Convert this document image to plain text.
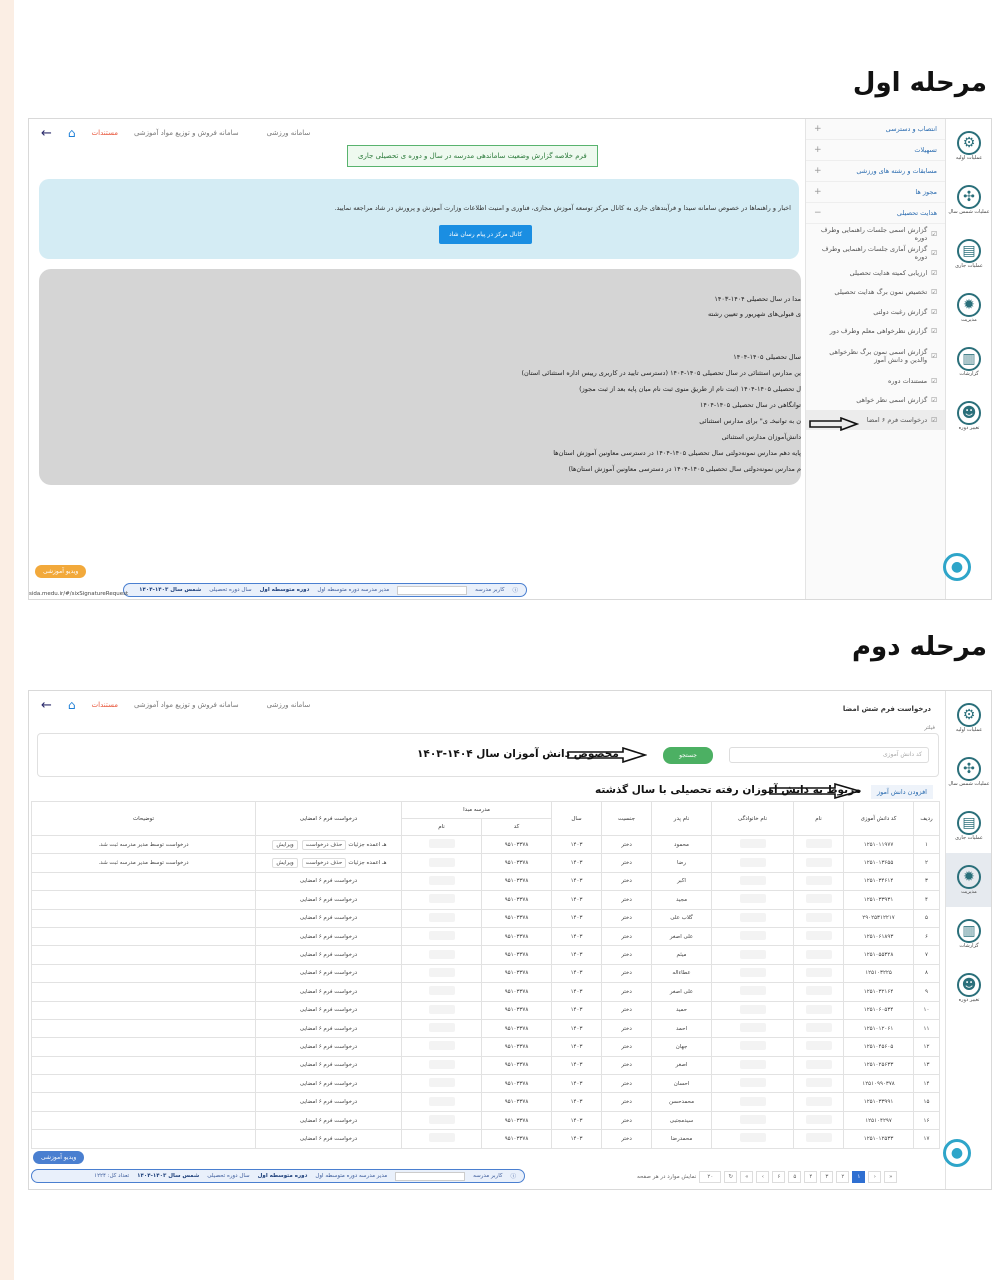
مرحله اول
← ⌂ مستندات سامانه فروش و توزیع مواد آموزشی	سامانه ورزشی
فرم خلاصه گزارش وضعیت ساماندهی مدرسه در سال و دوره ی تحصیلی جاری
اخبار و راهنماها در خصوص سامانه سیدا و فرآیندهای جاری به کانال مرکز توسعه آموزش مجازی، فناوری و امنیت اطلاعات وزارت آموزش و پرورش در شاد مراجعه نمایید.
کانال مرکز در پیام رسان شاد
مدا در سال تحصیلی ۱۴۰۴-۱۴۰۳
ی قبولی‌های شهریور و تعیین رشته
سال تحصیلی ۱۴۰۵-۱۴۰۴
ین مدارس استثنائی در سال تحصیلی ۱۴۰۵-۱۴۰۴ (دسترسی تایید در کاربری رییس اداره استثنائی استان)
ل تحصیلی ۱۴۰۵-۱۴۰۴ (ثبت نام از طریق منوی ثبت نام میان پایه بعد از ثبت مجوز)
توانگاهی در سال تحصیلی ۱۴۰۵-۱۴۰۴
ن به توانبخـ ی" برای مدارس استثنائی
دانش‌آموزان مدارس استثنائی
پایه دهم مدارس نمونه‌دولتی سال تحصیلی ۱۴۰۵-۱۴۰۴ در دسترسی معاونین آموزش استان‌ها
م مدارس نمونه‌دولتی سال تحصیلی ۱۴۰۵-۱۴۰۴ در دسترسی معاونین آموزش استان‌ها)
انتصاب و دسترسی
+
تسهیلات
+
مسابقات و رشته های ورزشی
+
مجوز ها
+
هدایت تحصیلی
−
☑
گزارش اسمی جلسات راهنمایی وطرف دوره
☑
گزارش آماری جلسات راهنمایی وطرف دوره
☑
ارزیابی کمیته هدایت تحصیلی
☑
تخصیص نمون برگ هدایت تحصیلی
☑
گزارش رغبت دولتی
☑
گزارش نظرخواهی معلم وطرف دور
☑
گزارش اسمی نمون برگ نظرخواهی والدین و دانش آموز
☑
مستندات دوره
☑
گزارش اسمی نظر خواهی
☑
درخواست فرم ۶ امضا
⚙
عملیات اولیه
✣
عملیات شمس سال
▤
عملیات جاری
✹
مدیریت
▥
گزارشات
☻
تغییر دوره
●
ویدیو آموزشی
ⓘ
کاربر مدرسه
مدیر مدرسه دوره متوسطه اول
دوره متوسطه اول
سال دوره تحصیلی
شمس سال ۱۴۰۳-۱۴۰۴
sida.medu.ir/#/sixSignatureRequest
مرحله دوم
← ⌂ مستندات سامانه فروش و توزیع مواد آموزشی	سامانه ورزشی	درخواست فرم شش امضا
فیلتر
کد دانش آموزی
جستجو
مخصوص دانش آموزان سال ۱۴۰۴-۱۴۰۳
افزودن دانش آموز
مربوط به دانش آموزان رفته تحصیلی با سال گذشته
ردیف	کد دانش آموزی	نام	نام خانوادگی	نام پدر	جنسیت	سال	مدرسه مبدا		درخواست فرم ۶ امضایی	توضیحات
							کد	نام		
۱	۱۲۵۱۰۱۱۹۷۷			محمود	دختر	۱۴۰۳	۹۵۱۰۳۳۷۸		هـ اعمده جزئیاتحذف درخواستویرایش	درخواست توسط مدیر مدرسه ثبت شد.
۲	۱۲۵۱۰۱۳۶۵۵			رضا	دختر	۱۴۰۳	۹۵۱۰۳۳۷۸		هـ اعمده جزئیاتحذف درخواستویرایش	درخواست توسط مدیر مدرسه ثبت شد.
۳	۱۲۵۱۰۳۴۶۱۴			اکبر	دختر	۱۴۰۳	۹۵۱۰۳۳۷۸		درخواست فرم ۶ امضایی	
۴	۱۲۵۱۰۳۳۹۳۱			مجید	دختر	۱۴۰۳	۹۵۱۰۳۳۷۸		درخواست فرم ۶ امضایی	
۵	۲۹۰۲۵۳۱۲۲۱۷			گلاب علی	دختر	۱۴۰۳	۹۵۱۰۳۳۷۸		درخواست فرم ۶ امضایی	
۶	۱۲۵۱۰۶۱۸۹۳			علی اصغر	دختر	۱۴۰۳	۹۵۱۰۳۳۷۸		درخواست فرم ۶ امضایی	
۷	۱۲۵۱۰۵۵۳۲۸			میثم	دختر	۱۴۰۳	۹۵۱۰۳۳۷۸		درخواست فرم ۶ امضایی	
۸	۱۲۵۱۰۳۲۲۵			عطاءاله	دختر	۱۴۰۳	۹۵۱۰۳۳۷۸		درخواست فرم ۶ امضایی	
۹	۱۲۵۱۰۳۲۱۶۴			علی اصغر	دختر	۱۴۰۳	۹۵۱۰۳۳۷۸		درخواست فرم ۶ امضایی	
۱۰	۱۲۵۱۰۶۰۵۳۴			حمید	دختر	۱۴۰۳	۹۵۱۰۳۳۷۸		درخواست فرم ۶ امضایی	
۱۱	۱۲۵۱۰۱۲۰۶۱			احمد	دختر	۱۴۰۳	۹۵۱۰۳۳۷۸		درخواست فرم ۶ امضایی	
۱۲	۱۲۵۱۰۴۵۶۰۵			جهان	دختر	۱۴۰۳	۹۵۱۰۳۳۷۸		درخواست فرم ۶ امضایی	
۱۳	۱۲۵۱۰۲۵۶۳۳			اصغر	دختر	۱۴۰۳	۹۵۱۰۳۳۷۸		درخواست فرم ۶ امضایی	
۱۴	۱۲۵۱۰۹۹۰۳۷۸			احسان	دختر	۱۴۰۳	۹۵۱۰۳۳۷۸		درخواست فرم ۶ امضایی	
۱۵	۱۲۵۱۰۳۳۹۹۱			محمدحسن	دختر	۱۴۰۳	۹۵۱۰۳۳۷۸		درخواست فرم ۶ امضایی	
۱۶	۱۲۵۱۰۴۲۹۷			سیدمجتبی	دختر	۱۴۰۳	۹۵۱۰۳۳۷۸		درخواست فرم ۶ امضایی	
۱۷	۱۲۵۱۰۱۲۵۳۳			محمدرضا	دختر	۱۴۰۳	۹۵۱۰۳۳۷۸		درخواست فرم ۶ امضایی	
نمایش موارد در هر صفحه	۲۰	↻	«	‹	۶	۵	۴	۳	۲	۱	›	»
⚙
عملیات اولیه
✣
عملیات شمس سال
▤
عملیات جاری
✹
مدیریت
▥
گزارشات
☻
تغییر دوره
●
ویدیو آموزشی
ⓘ
کاربر مدرسه
مدیر مدرسه دوره متوسطه اول
دوره متوسطه اول
سال دوره تحصیلی
شمس سال ۱۴۰۳-۱۴۰۴
تعداد کل: ۱۲۲۴
